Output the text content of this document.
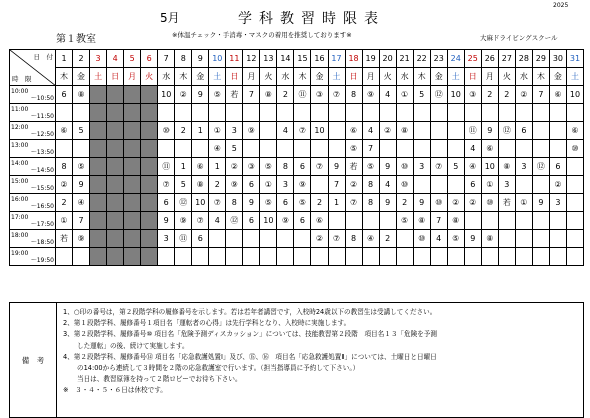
2025
5月	学科教習時限表
第１教室	※体温チェック・手消毒・マスクの着用を推奨しております※	大麻ドライビングスクール
日　付
時　限	1	2	3	4	5	6	7	8	9	10	11	12	13	14	15	16	17	18	19	20	21	22	23	24	25	26	27	28	29	30	31
	木	金	土	日	月	火	水	木	金	土	日	月	火	水	木	金	土	日	月	火	水	木	金	土	日	月	火	水	木	金	土

10:00
～10:50	6	⑧					10	②	9	⑤	若	7	⑧	2	⑪	③	⑦	8	⑨	4	①	5	⑫	10	③	2	2	②	7	⑥	10

11:00
～11:50																															

12:00
～12:50	⑥	5					⑩	2	1	①	3	⑨		4	⑦	10		⑥	4	②	⑧				⑪	9	⑫	6			⑥

13:00
～13:50										④	5							⑤	7						4	⑥					⑩

14:00
～14:50	8	⑤					⑪	1	⑥	1	②	③	⑤	8	6	⑦	9	若	⑤	9	⑩	3	⑦	5	④	10	⑧	3	⑫	6	

15:00
～15:50	②	9					⑦	5	⑧	2	⑨	6	①	3	⑨		7	②	8	4	⑩				6	①	3			②	

16:00
～16:50	2	④					6	⑫	10	⑦	8	9	⑤	6	⑤	2	1	⑦	8	9	2	9	⑩	②	②	⑩	若	①	9	3	

17:00
～17:50	①	7					9	⑨	⑦	4	⑫	6	10	⑨	6	⑥					⑤	⑧	7	⑧							

18:00
～18:50	若	⑨					3	⑪	6							②	⑦	8	④	2		⑩	4	⑤	9	⑧					

19:00
～19:50																															

備　考	
1、○印の番号は，第２段階学科の履修番号を示します。若は若年者講習です，入校時24歳以下の教習生は受講してください。
2、第１段階学科、履修番号１項目名「運転者の心得」は先行学科となり、入校時に実施します。
3、第２段階学科、履修番号⑩ 項目名「危険予測ディスカッション」については、技能教習第２段階　項目名１３「危険を予測
した運転」の後、続けて実施します。
4、第２段階学科、履修番号⑭ 項目名「応急救護処置Ⅰ」及び、⑮、⑯　項目名「応急救護処置Ⅱ」については、土曜日と日曜日
の14:00から連続して３時間を２階の応急救護室で行います。（担当指導員に予約して下さい。）
当日は、教習原簿を持って２階ロビーでお待ち下さい。
※　３・４・５・６日は休校です。
